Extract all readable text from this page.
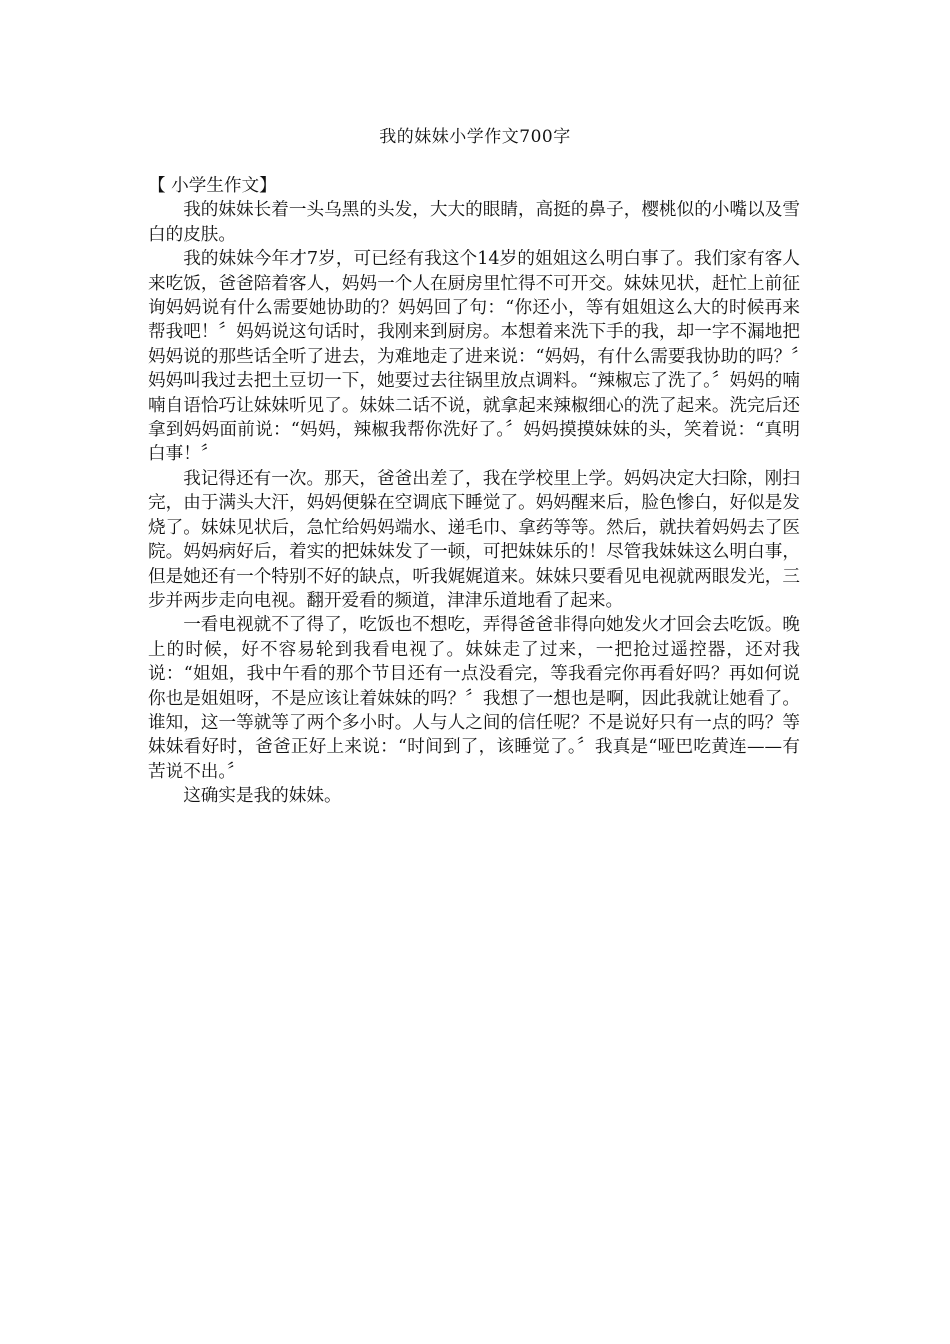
我的妹妹小学作文700字

【 小学生作文】

我的妹妹长着一头乌黑的头发，大大的眼睛，高挺的鼻子，樱桃似的小嘴以及雪白的皮肤。

我的妹妹今年才7岁，可已经有我这个14岁的姐姐这么明白事了。我们家有客人来吃饭，爸爸陪着客人，妈妈一个人在厨房里忙得不可开交。妹妹见状，赶忙上前征询妈妈说有什么需要她协助的？妈妈回了句：“你还小，等有姐姐这么大的时候再来帮我吧！〞妈妈说这句话时，我刚来到厨房。本想着来洗下手的我，却一字不漏地把妈妈说的那些话全听了进去，为难地走了进来说：“妈妈，有什么需要我协助的吗？〞妈妈叫我过去把土豆切一下，她要过去往锅里放点调料。“辣椒忘了洗了。〞妈妈的喃喃自语恰巧让妹妹听见了。妹妹二话不说，就拿起来辣椒细心的洗了起来。洗完后还拿到妈妈面前说：“妈妈，辣椒我帮你洗好了。〞妈妈摸摸妹妹的头，笑着说：“真明白事！〞

我记得还有一次。那天，爸爸出差了，我在学校里上学。妈妈决定大扫除，刚扫完，由于满头大汗，妈妈便躲在空调底下睡觉了。妈妈醒来后，脸色惨白，好似是发烧了。妹妹见状后，急忙给妈妈端水、递毛巾、拿药等等。然后，就扶着妈妈去了医院。妈妈病好后，着实的把妹妹发了一顿，可把妹妹乐的！尽管我妹妹这么明白事，但是她还有一个特别不好的缺点，听我娓娓道来。妹妹只要看见电视就两眼发光，三步并两步走向电视。翻开爱看的频道，津津乐道地看了起来。

一看电视就不了得了，吃饭也不想吃，弄得爸爸非得向她发火才回会去吃饭。晚上的时候，好不容易轮到我看电视了。妹妹走了过来，一把抢过遥控器，还对我说：“姐姐，我中午看的那个节目还有一点没看完，等我看完你再看好吗？再如何说你也是姐姐呀，不是应该让着妹妹的吗？〞我想了一想也是啊，因此我就让她看了。谁知，这一等就等了两个多小时。人与人之间的信任呢？不是说好只有一点的吗？等妹妹看好时，爸爸正好上来说：“时间到了，该睡觉了。〞我真是“哑巴吃黄连——有苦说不出。〞

这确实是我的妹妹。
